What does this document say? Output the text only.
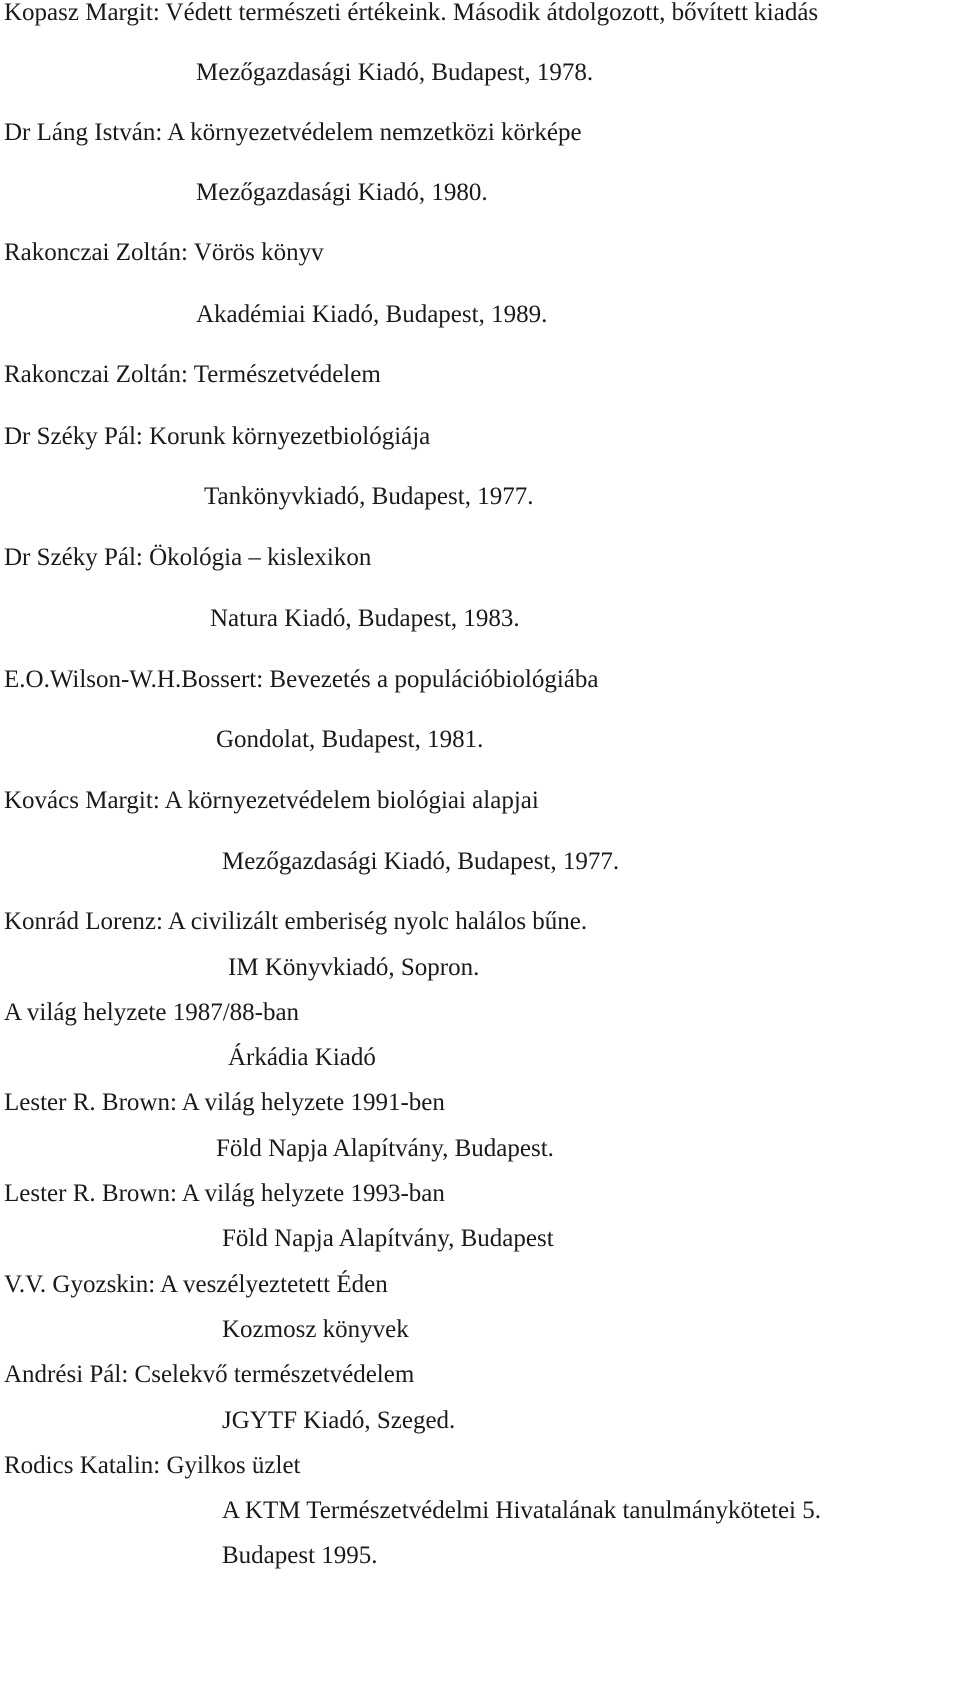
Kopasz Margit: Védett természeti értékeink. Második átdolgozott, bővített kiadás
Mezőgazdasági Kiadó, Budapest, 1978.
Dr Láng István: A környezetvédelem nemzetközi körképe
Mezőgazdasági Kiadó, 1980.
Rakonczai Zoltán: Vörös könyv
Akadémiai Kiadó, Budapest, 1989.
Rakonczai Zoltán: Természetvédelem
Dr Széky Pál: Korunk környezetbiológiája
Tankönyvkiadó, Budapest, 1977.
Dr Széky Pál: Ökológia – kislexikon
Natura Kiadó, Budapest, 1983.
E.O.Wilson-W.H.Bossert: Bevezetés a populációbiológiába
Gondolat, Budapest, 1981.
Kovács Margit: A környezetvédelem biológiai alapjai
Mezőgazdasági Kiadó, Budapest, 1977.
Konrád Lorenz: A civilizált emberiség nyolc halálos bűne.
IM Könyvkiadó, Sopron.
A világ helyzete 1987/88-ban
Árkádia Kiadó
Lester R. Brown: A világ helyzete 1991-ben
Föld Napja Alapítvány, Budapest.
Lester R. Brown: A világ helyzete 1993-ban
Föld Napja Alapítvány, Budapest
V.V. Gyozskin: A veszélyeztetett Éden
Kozmosz könyvek
Andrési Pál: Cselekvő természetvédelem
JGYTF Kiadó, Szeged.
Rodics Katalin: Gyilkos üzlet
A KTM Természetvédelmi Hivatalának tanulmánykötetei 5.
Budapest 1995.
